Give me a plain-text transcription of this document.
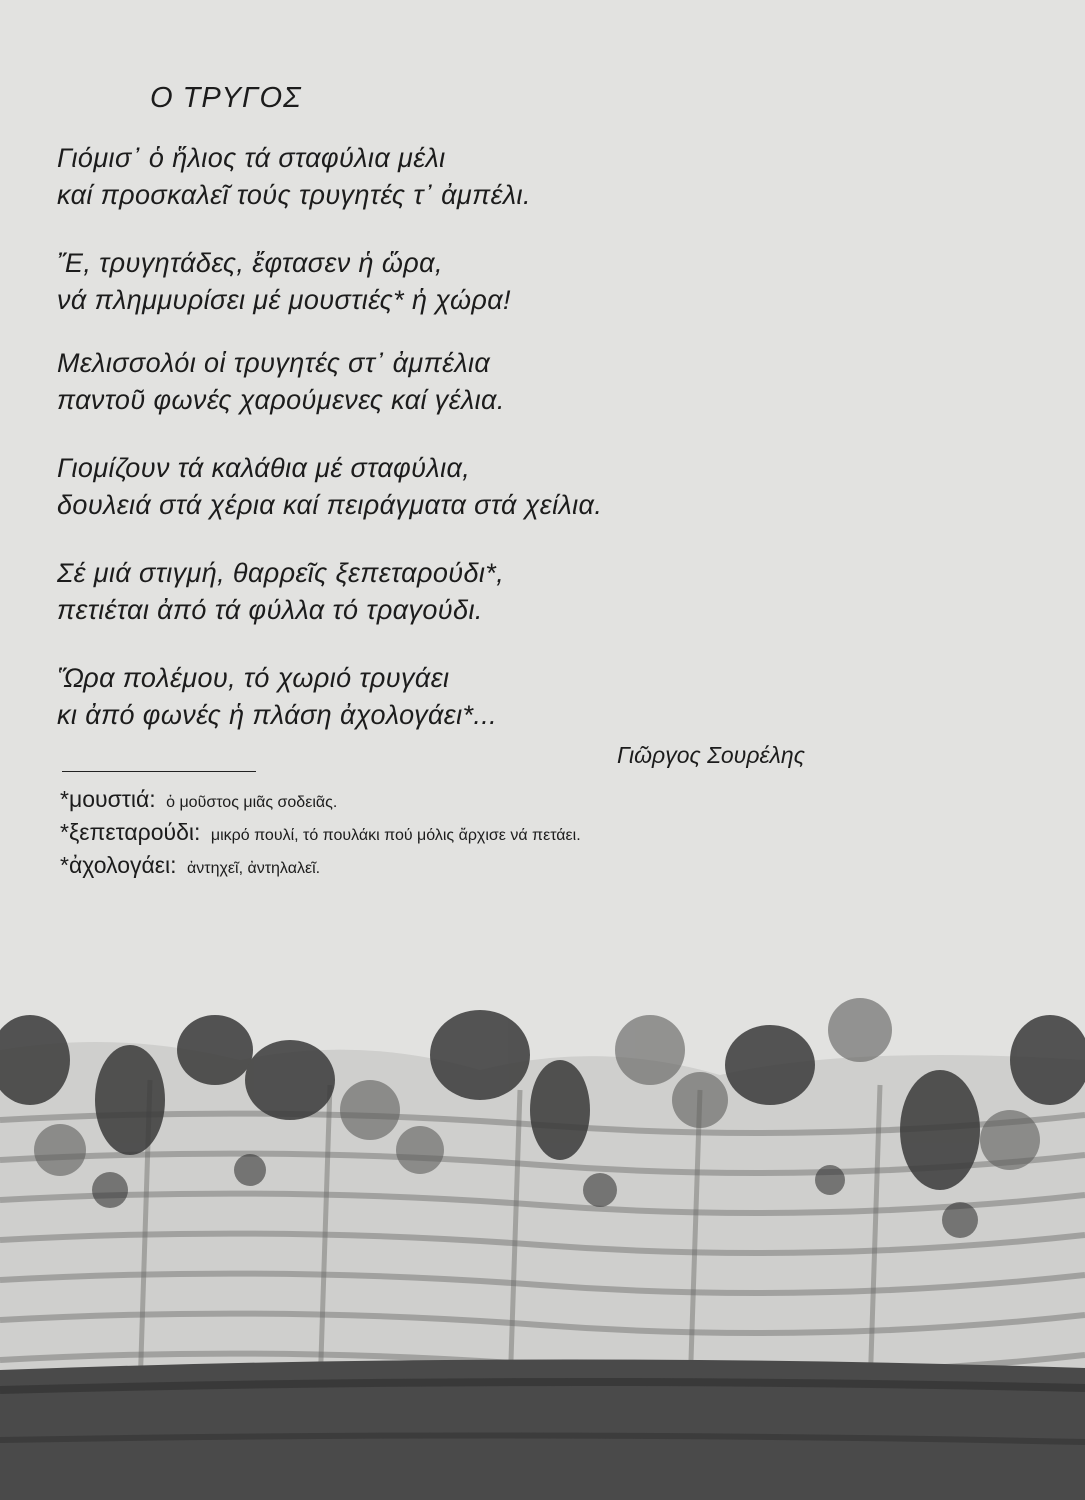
Ο ΤΡΥΓΟΣ
Γιόμισ᾽ ὁ ἥλιος τά σταφύλια μέλι
καί προσκαλεῖ τούς τρυγητές τ᾽ ἀμπέλι.
Ἔ, τρυγητάδες, ἔφτασεν ἡ ὥρα,
νά πλημμυρίσει μέ μουστιές* ἡ χώρα!
Μελισσολόι οἱ τρυγητές στ᾽ ἀμπέλια
παντοῦ φωνές χαρούμενες καί γέλια.
Γιομίζουν τά καλάθια μέ σταφύλια,
δουλειά στά χέρια καί πειράγματα στά χείλια.
Σέ μιά στιγμή, θαρρεῖς ξεπεταρούδι*,
πετιέται ἀπό τά φύλλα τό τραγούδι.
Ὥρα πολέμου, τό χωριό τρυγάει
κι ἀπό φωνές ἡ πλάση ἀχολογάει*...
Γιῶργος Σουρέλης
*μουστιά: ὁ μοῦστος μιᾶς σοδειᾶς.
*ξεπεταρούδι: μικρό πουλί, τό πουλάκι πού μόλις ἄρχισε νά πετάει.
*ἀχολογάει: ἀντηχεῖ, ἀντηλαλεῖ.
